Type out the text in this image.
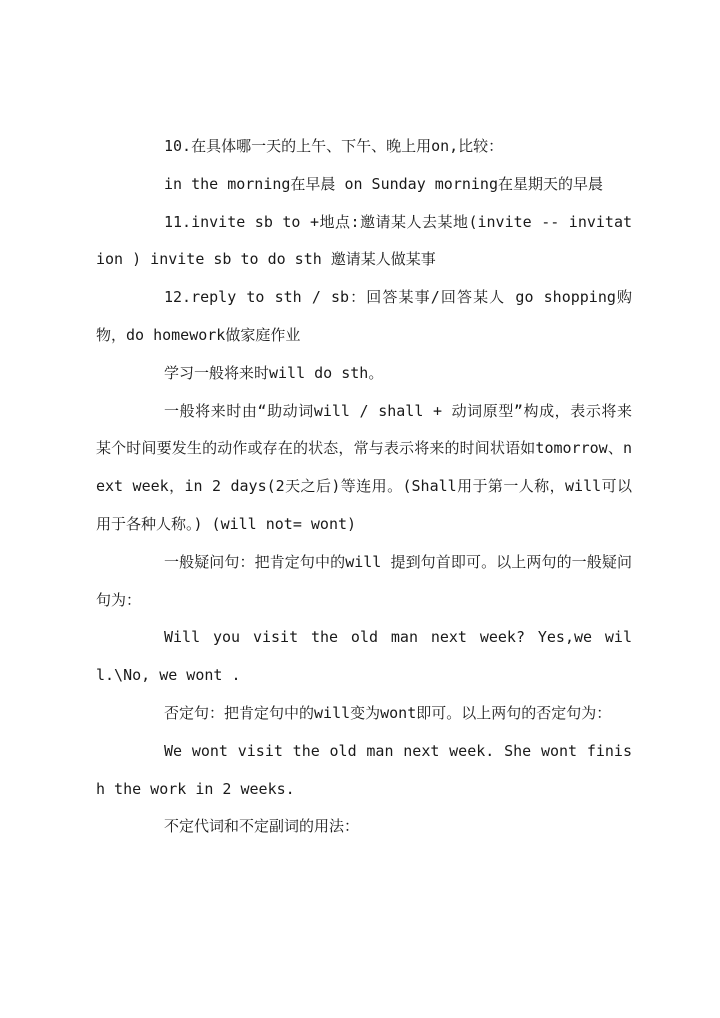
10.在具体哪一天的上午、下午、晚上用on,比较：

in the morning在早晨 on Sunday morning在星期天的早晨

11.invite sb to +地点:邀请某人去某地(invite -- invitation ) invite sb to do sth 邀请某人做某事

12.reply to sth / sb：回答某事/回答某人 go shopping购物，do homework做家庭作业

学习一般将来时will do sth。

一般将来时由“助动词will / shall + 动词原型”构成，表示将来某个时间要发生的动作或存在的状态，常与表示将来的时间状语如tomorrow、next week，in 2 days(2天之后)等连用。(Shall用于第一人称，will可以用于各种人称。) (will not= wont)

一般疑问句：把肯定句中的will 提到句首即可。以上两句的一般疑问句为：

Will you visit the old man next week? Yes,we will.\No, we wont .

否定句：把肯定句中的will变为wont即可。以上两句的否定句为：

We wont visit the old man next week. She wont finish the work in 2 weeks.

不定代词和不定副词的用法：
